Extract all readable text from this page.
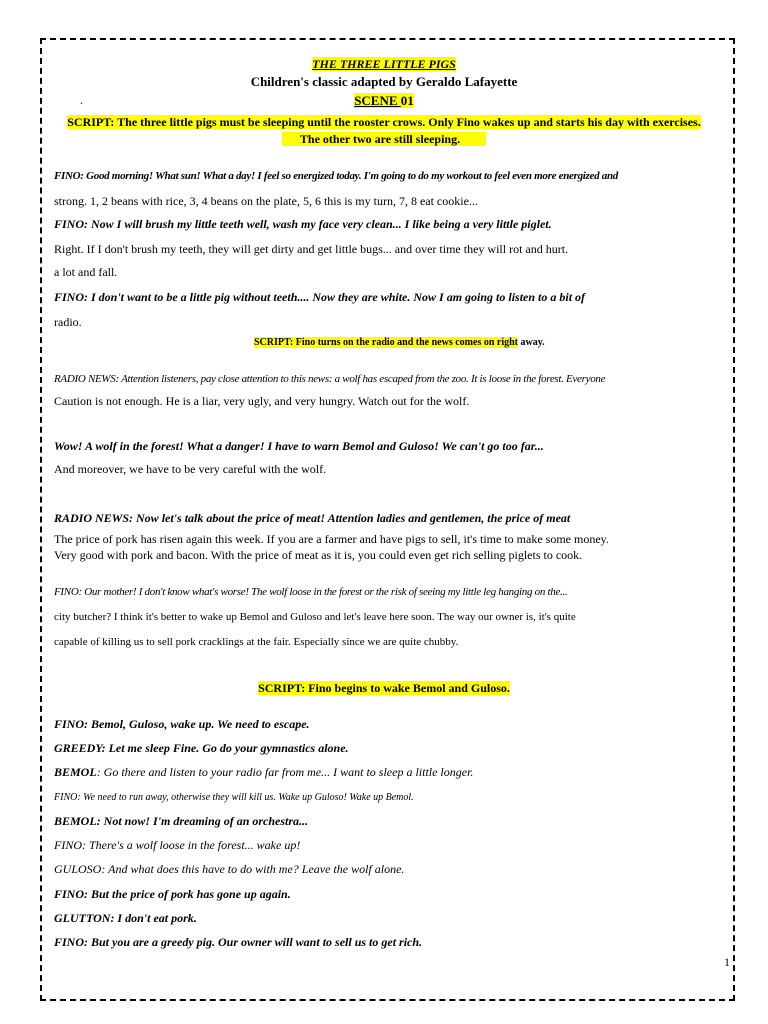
THE THREE LITTLE PIGS
Children's classic adapted by Geraldo Lafayette
.	SCENE 01
SCRIPT: The three little pigs must be sleeping until the rooster crows. Only Fino wakes up and starts his day with exercises.
The other two are still sleeping.
FINO: Good morning! What sun! What a day! I feel so energized today. I'm going to do my workout to feel even more energized and
strong. 1, 2 beans with rice, 3, 4 beans on the plate, 5, 6 this is my turn, 7, 8 eat cookie...
FINO: Now I will brush my little teeth well, wash my face very clean... I like being a very little piglet.
Right. If I don't brush my teeth, they will get dirty and get little bugs... and over time they will rot and hurt.
a lot and fall.
FINO: I don't want to be a little pig without teeth.... Now they are white. Now I am going to listen to a bit of
radio.
SCRIPT: Fino turns on the radio and the news comes on right away.
RADIO NEWS: Attention listeners, pay close attention to this news: a wolf has escaped from the zoo. It is loose in the forest. Everyone
Caution is not enough. He is a liar, very ugly, and very hungry. Watch out for the wolf.
Wow! A wolf in the forest! What a danger! I have to warn Bemol and Guloso! We can't go too far...
And moreover, we have to be very careful with the wolf.
RADIO NEWS: Now let's talk about the price of meat! Attention ladies and gentlemen, the price of meat
The price of pork has risen again this week. If you are a farmer and have pigs to sell, it's time to make some money.
Very good with pork and bacon. With the price of meat as it is, you could even get rich selling piglets to cook.
FINO: Our mother! I don't know what's worse! The wolf loose in the forest or the risk of seeing my little leg hanging on the...
city butcher? I think it's better to wake up Bemol and Guloso and let's leave here soon. The way our owner is, it's quite
capable of killing us to sell pork cracklings at the fair. Especially since we are quite chubby.
SCRIPT: Fino begins to wake Bemol and Guloso.
FINO: Bemol, Guloso, wake up. We need to escape.
GREEDY: Let me sleep Fine. Go do your gymnastics alone.
BEMOL: Go there and listen to your radio far from me... I want to sleep a little longer.
FINO: We need to run away, otherwise they will kill us. Wake up Guloso! Wake up Bemol.
BEMOL: Not now! I'm dreaming of an orchestra...
FINO: There's a wolf loose in the forest... wake up!
GULOSO: And what does this have to do with me? Leave the wolf alone.
FINO: But the price of pork has gone up again.
GLUTTON: I don't eat pork.
FINO: But you are a greedy pig. Our owner will want to sell us to get rich.
1
